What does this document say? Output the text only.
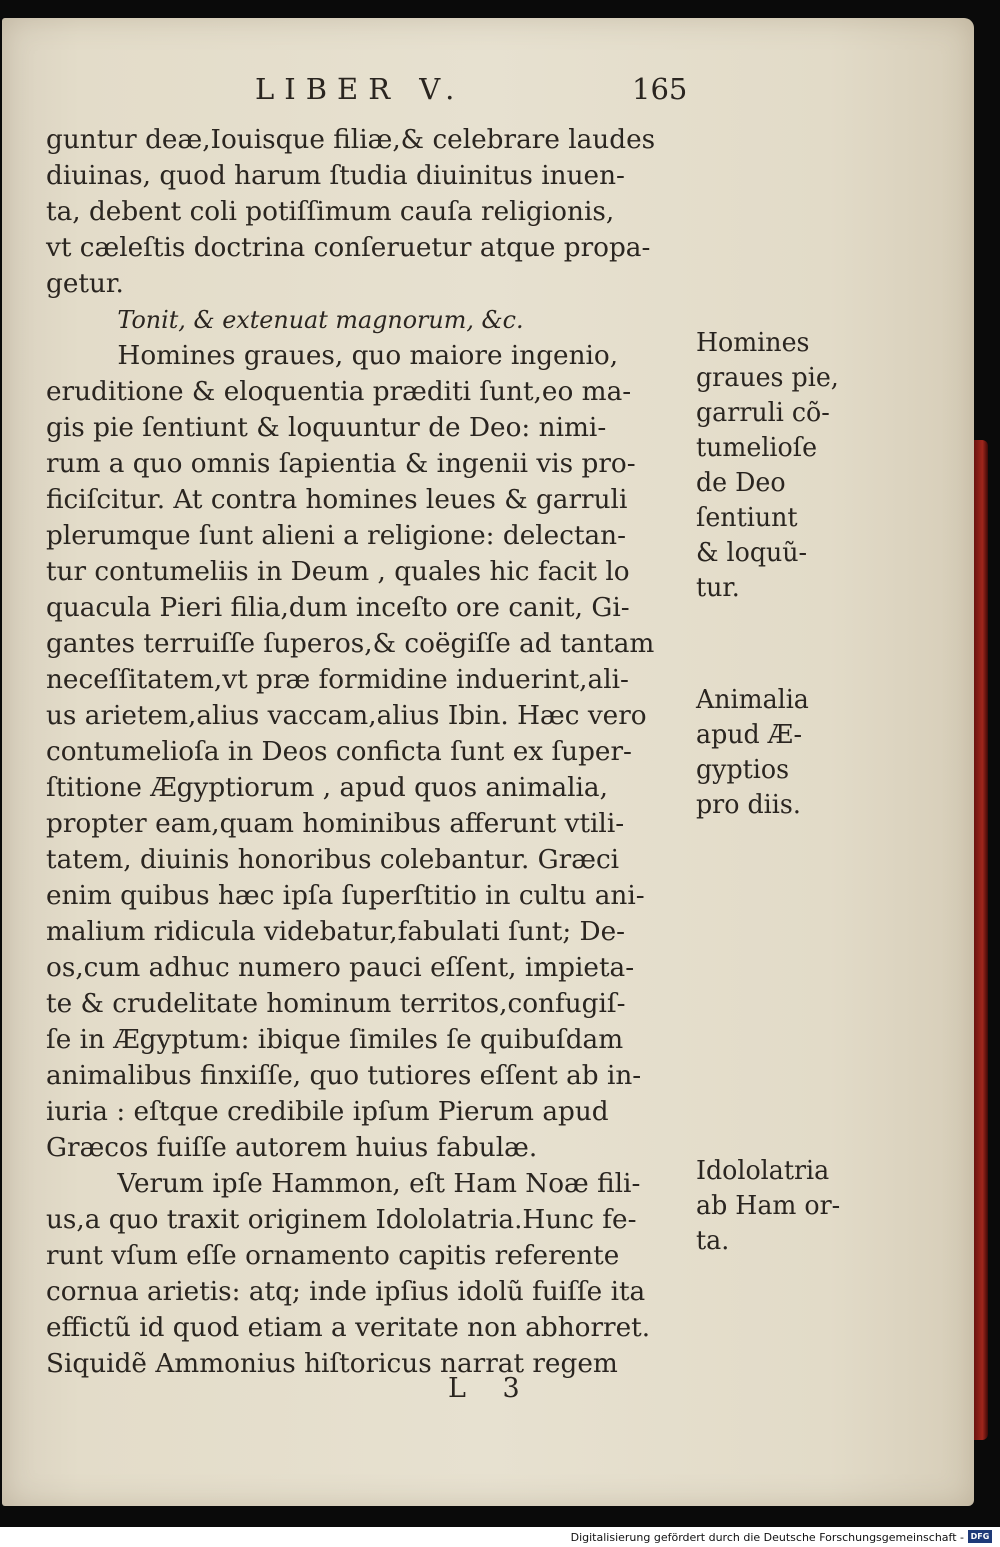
LIBER V.	165
guntur deæ,Iouisque filiæ,& celebrare laudes
diuinas, quod harum ſtudia diuinitus inuen-
ta, debent coli potiſſimum cauſa religionis,
vt cæleſtis doctrina conſeruetur atque propa-
getur.
Tonit, & extenuat magnorum, &c.
Homines graues, quo maiore ingenio,
eruditione & eloquentia præditi ſunt,eo ma-
gis pie ſentiunt & loquuntur de Deo: nimi-
rum a quo omnis ſapientia & ingenii vis pro-
ficiſcitur. At contra homines leues & garruli
plerumque ſunt alieni a religione: delectan-
tur contumeliis in Deum , quales hic facit lo
quacula Pieri filia,dum inceſto ore canit, Gi-
gantes terruiſſe ſuperos,& coëgiſſe ad tantam
neceſſitatem,vt præ formidine induerint,ali-
us arietem,alius vaccam,alius Ibin. Hæc vero
contumelioſa in Deos conficta ſunt ex ſuper-
ſtitione Ægyptiorum , apud quos animalia,
propter eam,quam hominibus afferunt vtili-
tatem, diuinis honoribus colebantur. Græci
enim quibus hæc ipſa ſuperſtitio in cultu ani-
malium ridicula videbatur,fabulati ſunt; De-
os,cum adhuc numero pauci eſſent, impieta-
te & crudelitate hominum territos,confugiſ-
ſe in Ægyptum: ibique ſimiles ſe quibuſdam
animalibus finxiſſe, quo tutiores eſſent ab in-
iuria : eſtque credibile ipſum Pierum apud
Græcos fuiſſe autorem huius fabulæ.
Verum ipſe Hammon, eſt Ham Noæ fili-
us,a quo traxit originem Idololatria.Hunc fe-
runt vſum eſſe ornamento capitis referente
cornua arietis: atq; inde ipſius idolũ fuiſſe ita
effictũ id quod etiam a veritate non abhorret.
Siquidẽ Ammonius hiſtoricus narrat regem
Homines
graues pie,
garruli cõ-
tumelioſe
de Deo
ſentiunt
& loquũ-
tur.
Animalia
apud Æ-
gyptios
pro diis.
Idololatria
ab Ham or-
ta.
L 3
Digitalisierung gefördert durch die Deutsche Forschungsgemeinschaft - DFG
